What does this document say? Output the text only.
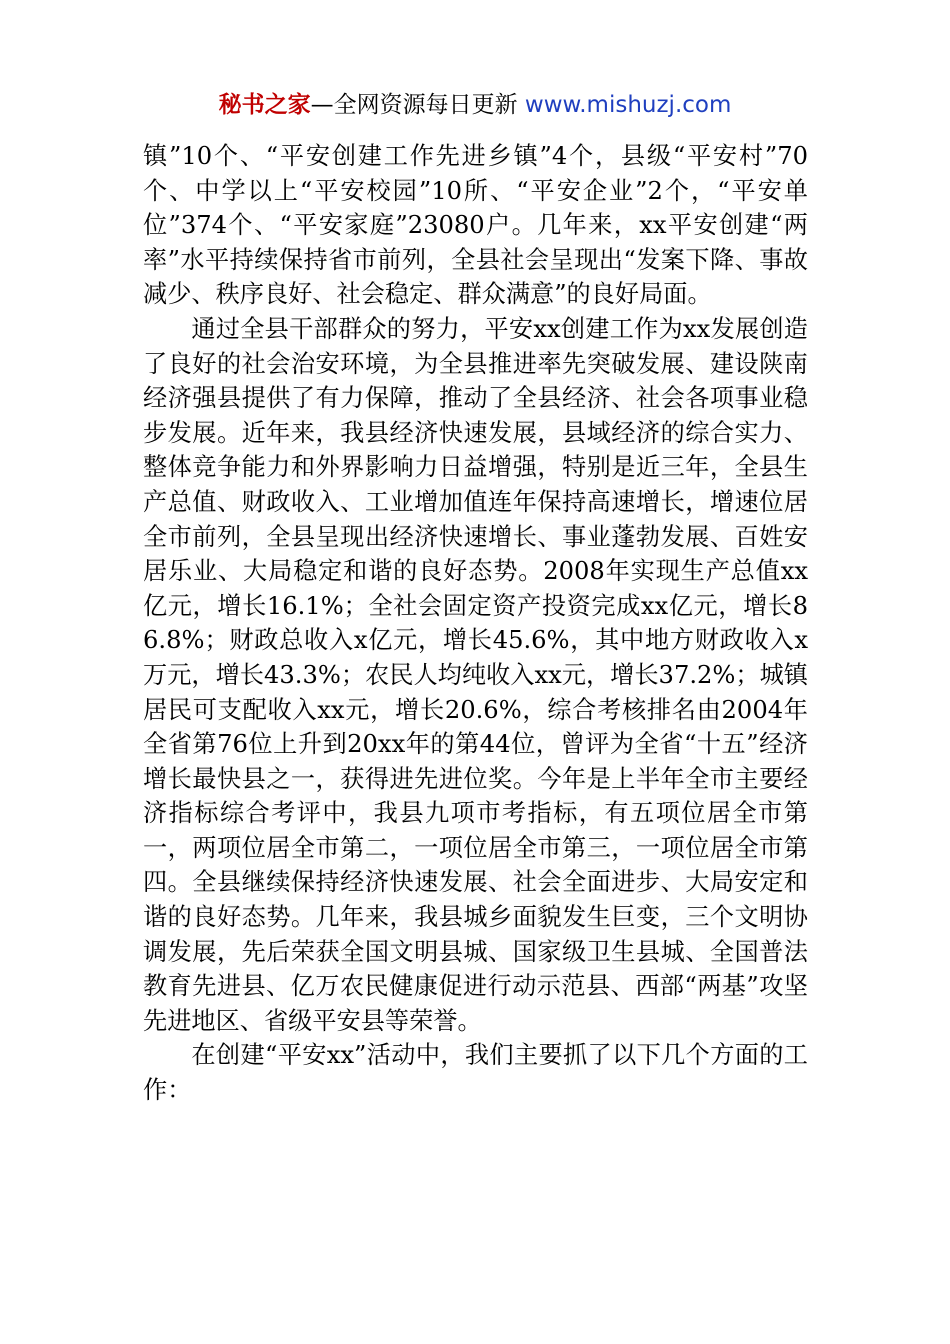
秘书之家—全网资源每日更新 www.mishuzj.com

镇”10个、“平安创建工作先进乡镇”4个，县级“平安村”70个、中学以上“平安校园”10所、“平安企业”2个，“平安单位”374个、“平安家庭”23080户。几年来，xx平安创建“两率”水平持续保持省市前列，全县社会呈现出“发案下降、事故减少、秩序良好、社会稳定、群众满意”的良好局面。

通过全县干部群众的努力，平安xx创建工作为xx发展创造了良好的社会治安环境，为全县推进率先突破发展、建设陕南经济强县提供了有力保障，推动了全县经济、社会各项事业稳步发展。近年来，我县经济快速发展，县域经济的综合实力、整体竞争能力和外界影响力日益增强，特别是近三年，全县生产总值、财政收入、工业增加值连年保持高速增长，增速位居全市前列，全县呈现出经济快速增长、事业蓬勃发展、百姓安居乐业、大局稳定和谐的良好态势。2008年实现生产总值xx亿元，增长16.1%；全社会固定资产投资完成xx亿元，增长86.8%；财政总收入x亿元，增长45.6%，其中地方财政收入x万元，增长43.3%；农民人均纯收入xx元，增长37.2%；城镇居民可支配收入xx元，增长20.6%，综合考核排名由2004年全省第76位上升到20xx年的第44位，曾评为全省“十五”经济增长最快县之一，获得进先进位奖。今年是上半年全市主要经济指标综合考评中，我县九项市考指标，有五项位居全市第一，两项位居全市第二，一项位居全市第三，一项位居全市第四。全县继续保持经济快速发展、社会全面进步、大局安定和谐的良好态势。几年来，我县城乡面貌发生巨变，三个文明协调发展，先后荣获全国文明县城、国家级卫生县城、全国普法教育先进县、亿万农民健康促进行动示范县、西部“两基”攻坚先进地区、省级平安县等荣誉。

在创建“平安xx”活动中，我们主要抓了以下几个方面的工作：
